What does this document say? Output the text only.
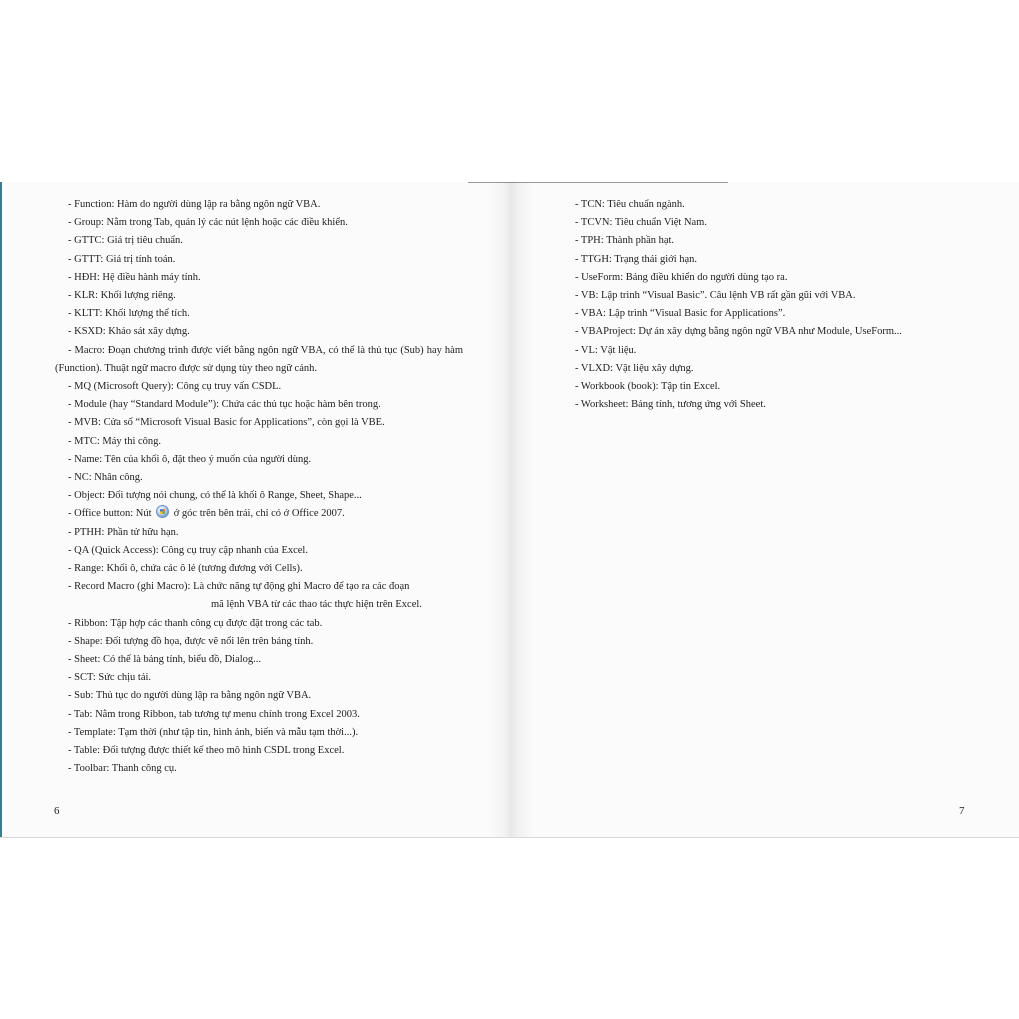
- Function: Hàm do người dùng lập ra bằng ngôn ngữ VBA.
- Group: Nằm trong Tab, quản lý các nút lệnh hoặc các điều khiển.
- GTTC: Giá trị tiêu chuẩn.
- GTTT: Giá trị tính toán.
- HĐH: Hệ điều hành máy tính.
- KLR: Khối lượng riêng.
- KLTT: Khối lượng thể tích.
- KSXD: Khảo sát xây dựng.
- Macro: Đoạn chương trình được viết bằng ngôn ngữ VBA, có thể là thủ tục (Sub) hay hàm (Function). Thuật ngữ macro được sử dụng tùy theo ngữ cảnh.
- MQ (Microsoft Query): Công cụ truy vấn CSDL.
- Module (hay “Standard Module”): Chứa các thủ tục hoặc hàm bên trong.
- MVB: Cửa sổ “Microsoft Visual Basic for Applications”, còn gọi là VBE.
- MTC: Máy thi công.
- Name: Tên của khối ô, đặt theo ý muốn của người dùng.
- NC: Nhân công.
- Object: Đối tượng nói chung, có thể là khối ô Range, Sheet, Shape...
- Office button: Nút ở góc trên bên trái, chỉ có ở Office 2007.
- PTHH: Phần tử hữu hạn.
- QA (Quick Access): Công cụ truy cập nhanh của Excel.
- Range: Khối ô, chứa các ô lẻ (tương đương với Cells).
- Record Macro (ghi Macro): Là chức năng tự động ghi Macro để tạo ra các đoạn
mã lệnh VBA từ các thao tác thực hiện trên Excel.
- Ribbon: Tập hợp các thanh công cụ được đặt trong các tab.
- Shape: Đối tượng đồ họa, được vẽ nổi lên trên bảng tính.
- Sheet: Có thể là bảng tính, biểu đồ, Dialog...
- SCT: Sức chịu tải.
- Sub: Thủ tục do người dùng lập ra bằng ngôn ngữ VBA.
- Tab: Nằm trong Ribbon, tab tương tự menu chính trong Excel 2003.
- Template: Tạm thời (như tập tin, hình ảnh, biến và mẫu tạm thời...).
- Table: Đối tượng được thiết kế theo mô hình CSDL trong Excel.
- Toolbar: Thanh công cụ.
- TCN: Tiêu chuẩn ngành.
- TCVN: Tiêu chuẩn Việt Nam.
- TPH: Thành phần hạt.
- TTGH: Trạng thái giới hạn.
- UseForm: Bảng điều khiển do người dùng tạo ra.
- VB: Lập trình “Visual Basic”. Câu lệnh VB rất gần gũi với VBA.
- VBA: Lập trình “Visual Basic for Applications”.
- VBAProject: Dự án xây dựng bằng ngôn ngữ VBA như Module, UseForm...
- VL: Vật liệu.
- VLXD: Vật liệu xây dựng.
- Workbook (book): Tập tin Excel.
- Worksheet: Bảng tính, tương ứng với Sheet.
6	7
